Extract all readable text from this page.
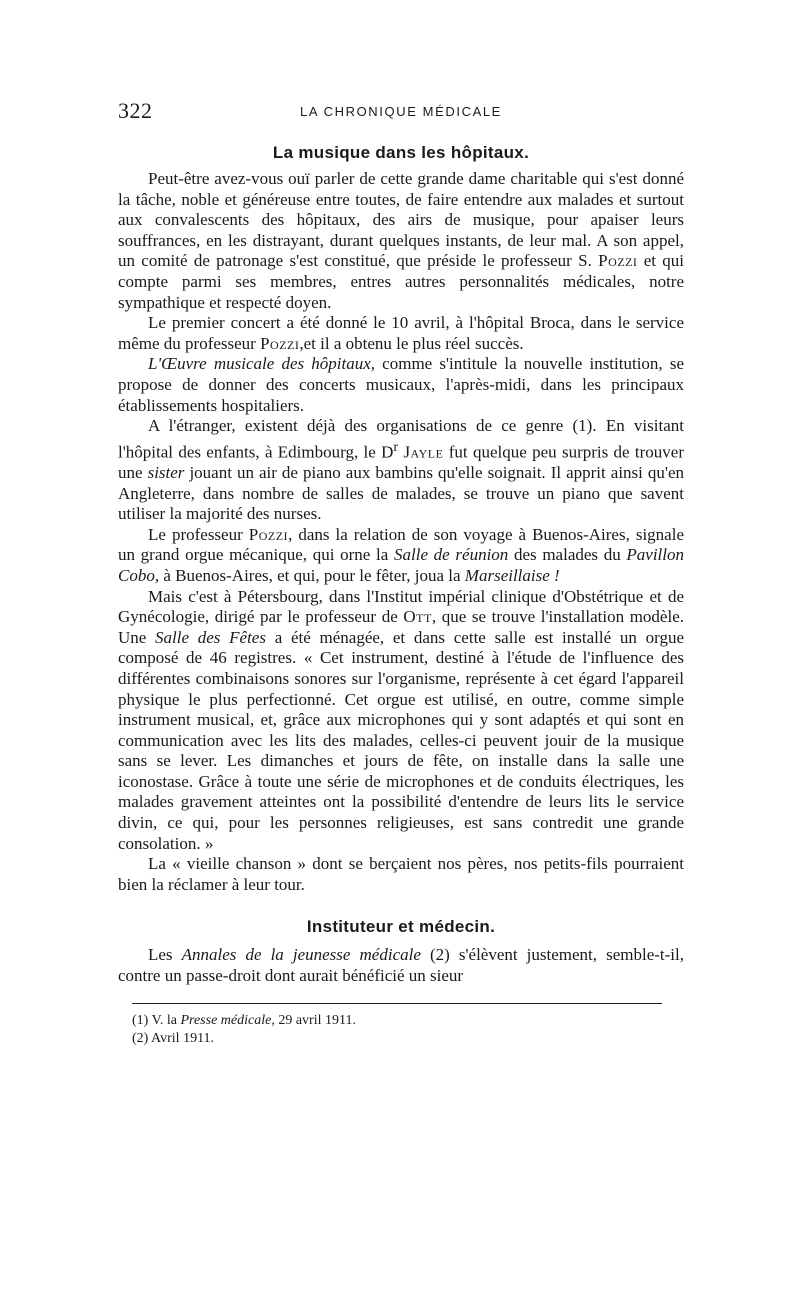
322	LA CHRONIQUE MÉDICALE
La musique dans les hôpitaux.

Peut-être avez-vous ouï parler de cette grande dame charitable qui s'est donné la tâche, noble et généreuse entre toutes, de faire entendre aux malades et surtout aux convalescents des hôpitaux, des airs de musique, pour apaiser leurs souffrances, en les distrayant, durant quelques instants, de leur mal. A son appel, un comité de patronage s'est constitué, que préside le professeur S. Pozzi et qui compte parmi ses membres, entres autres personnalités médicales, notre sympathique et respecté doyen.

Le premier concert a été donné le 10 avril, à l'hôpital Broca, dans le service même du professeur Pozzi,et il a obtenu le plus réel succès.

L'Œuvre musicale des hôpitaux, comme s'intitule la nouvelle institution, se propose de donner des concerts musicaux, l'après-midi, dans les principaux établissements hospitaliers.

A l'étranger, existent déjà des organisations de ce genre (1). En visitant l'hôpital des enfants, à Edimbourg, le $D^r$ Jayle fut quelque peu surpris de trouver une sister jouant un air de piano aux bambins qu'elle soignait. Il apprit ainsi qu'en Angleterre, dans nombre de salles de malades, se trouve un piano que savent utiliser la majorité des nurses.

Le professeur Pozzi, dans la relation de son voyage à Buenos-Aires, signale un grand orgue mécanique, qui orne la Salle de réunion des malades du Pavillon Cobo, à Buenos-Aires, et qui, pour le fêter, joua la Marseillaise !

Mais c'est à Pétersbourg, dans l'Institut impérial clinique d'Obstétrique et de Gynécologie, dirigé par le professeur de Ott, que se trouve l'installation modèle. Une Salle des Fêtes a été ménagée, et dans cette salle est installé un orgue composé de 46 registres. « Cet instrument, destiné à l'étude de l'influence des différentes combinaisons sonores sur l'organisme, représente à cet égard l'appareil physique le plus perfectionné. Cet orgue est utilisé, en outre, comme simple instrument musical, et, grâce aux microphones qui y sont adaptés et qui sont en communication avec les lits des malades, celles-ci peuvent jouir de la musique sans se lever. Les dimanches et jours de fête, on installe dans la salle une iconostase. Grâce à toute une série de microphones et de conduits électriques, les malades gravement atteintes ont la possibilité d'entendre de leurs lits le service divin, ce qui, pour les personnes religieuses, est sans contredit une grande consolation. »

La « vieille chanson » dont se berçaient nos pères, nos petits-fils pourraient bien la réclamer à leur tour.

Instituteur et médecin.

Les Annales de la jeunesse médicale (2) s'élèvent justement, semble-t-il, contre un passe-droit dont aurait bénéficié un sieur

(1) V. la Presse médicale, 29 avril 1911.

(2) Avril 1911.
